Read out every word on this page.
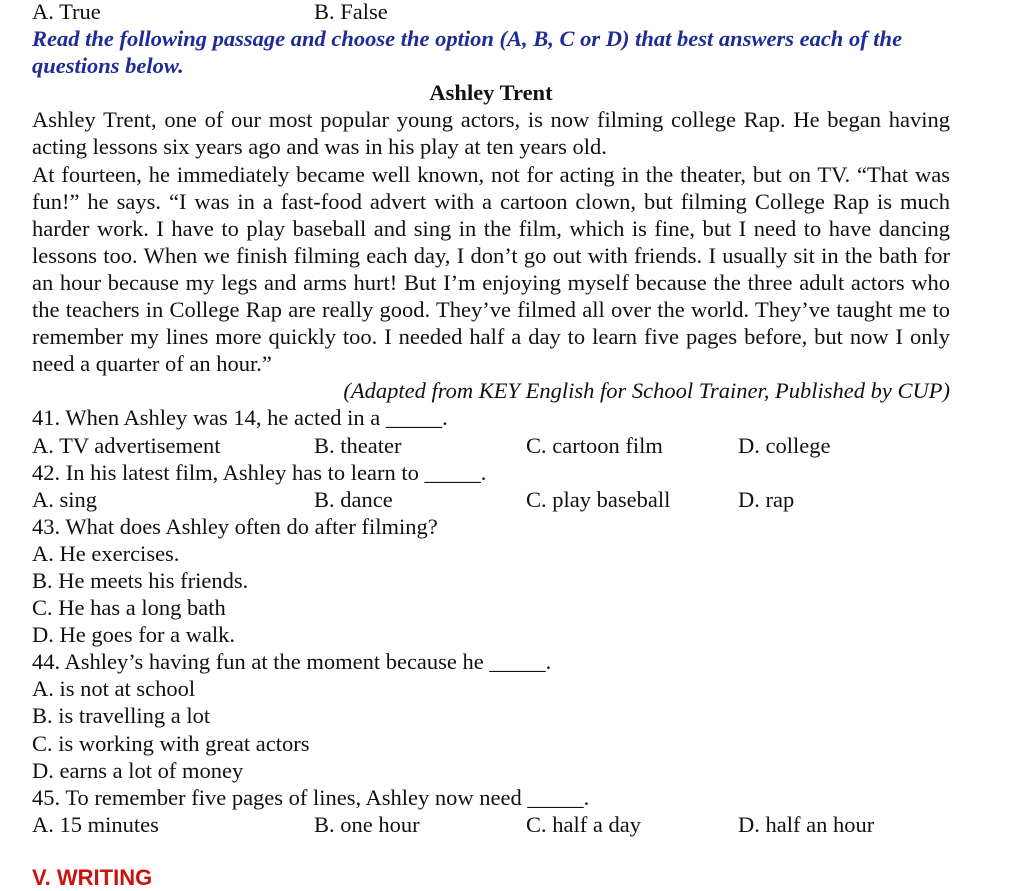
A. True	B. False
Read the following passage and choose the option (A, B, C or D) that best answers each of the questions below.
Ashley Trent
Ashley Trent, one of our most popular young actors, is now filming college Rap. He began having acting lessons six years ago and was in his play at ten years old.
At fourteen, he immediately became well known, not for acting in the theater, but on TV. “That was fun!” he says. “I was in a fast-food advert with a cartoon clown, but filming College Rap is much harder work. I have to play baseball and sing in the film, which is fine, but I need to have dancing lessons too. When we finish filming each day, I don’t go out with friends. I usually sit in the bath for an hour because my legs and arms hurt! But I’m enjoying myself because the three adult actors who the teachers in College Rap are really good. They’ve filmed all over the world. They’ve taught me to remember my lines more quickly too. I needed half a day to learn five pages before, but now I only need a quarter of an hour.”
(Adapted from KEY English for School Trainer, Published by CUP)
41. When Ashley was 14, he acted in a _____.
A. TV advertisement	B. theater	C. cartoon film	D. college
42. In his latest film, Ashley has to learn to _____.
A. sing	B. dance	C. play baseball	D. rap
43. What does Ashley often do after filming?
A. He exercises.
B. He meets his friends.
C. He has a long bath
D. He goes for a walk.
44. Ashley’s having fun at the moment because he _____.
A. is not at school
B. is travelling a lot
C. is working with great actors
D. earns a lot of money
45. To remember five pages of lines, Ashley now need _____.
A. 15 minutes	B. one hour	C. half a day	D. half an hour
V. WRITING
